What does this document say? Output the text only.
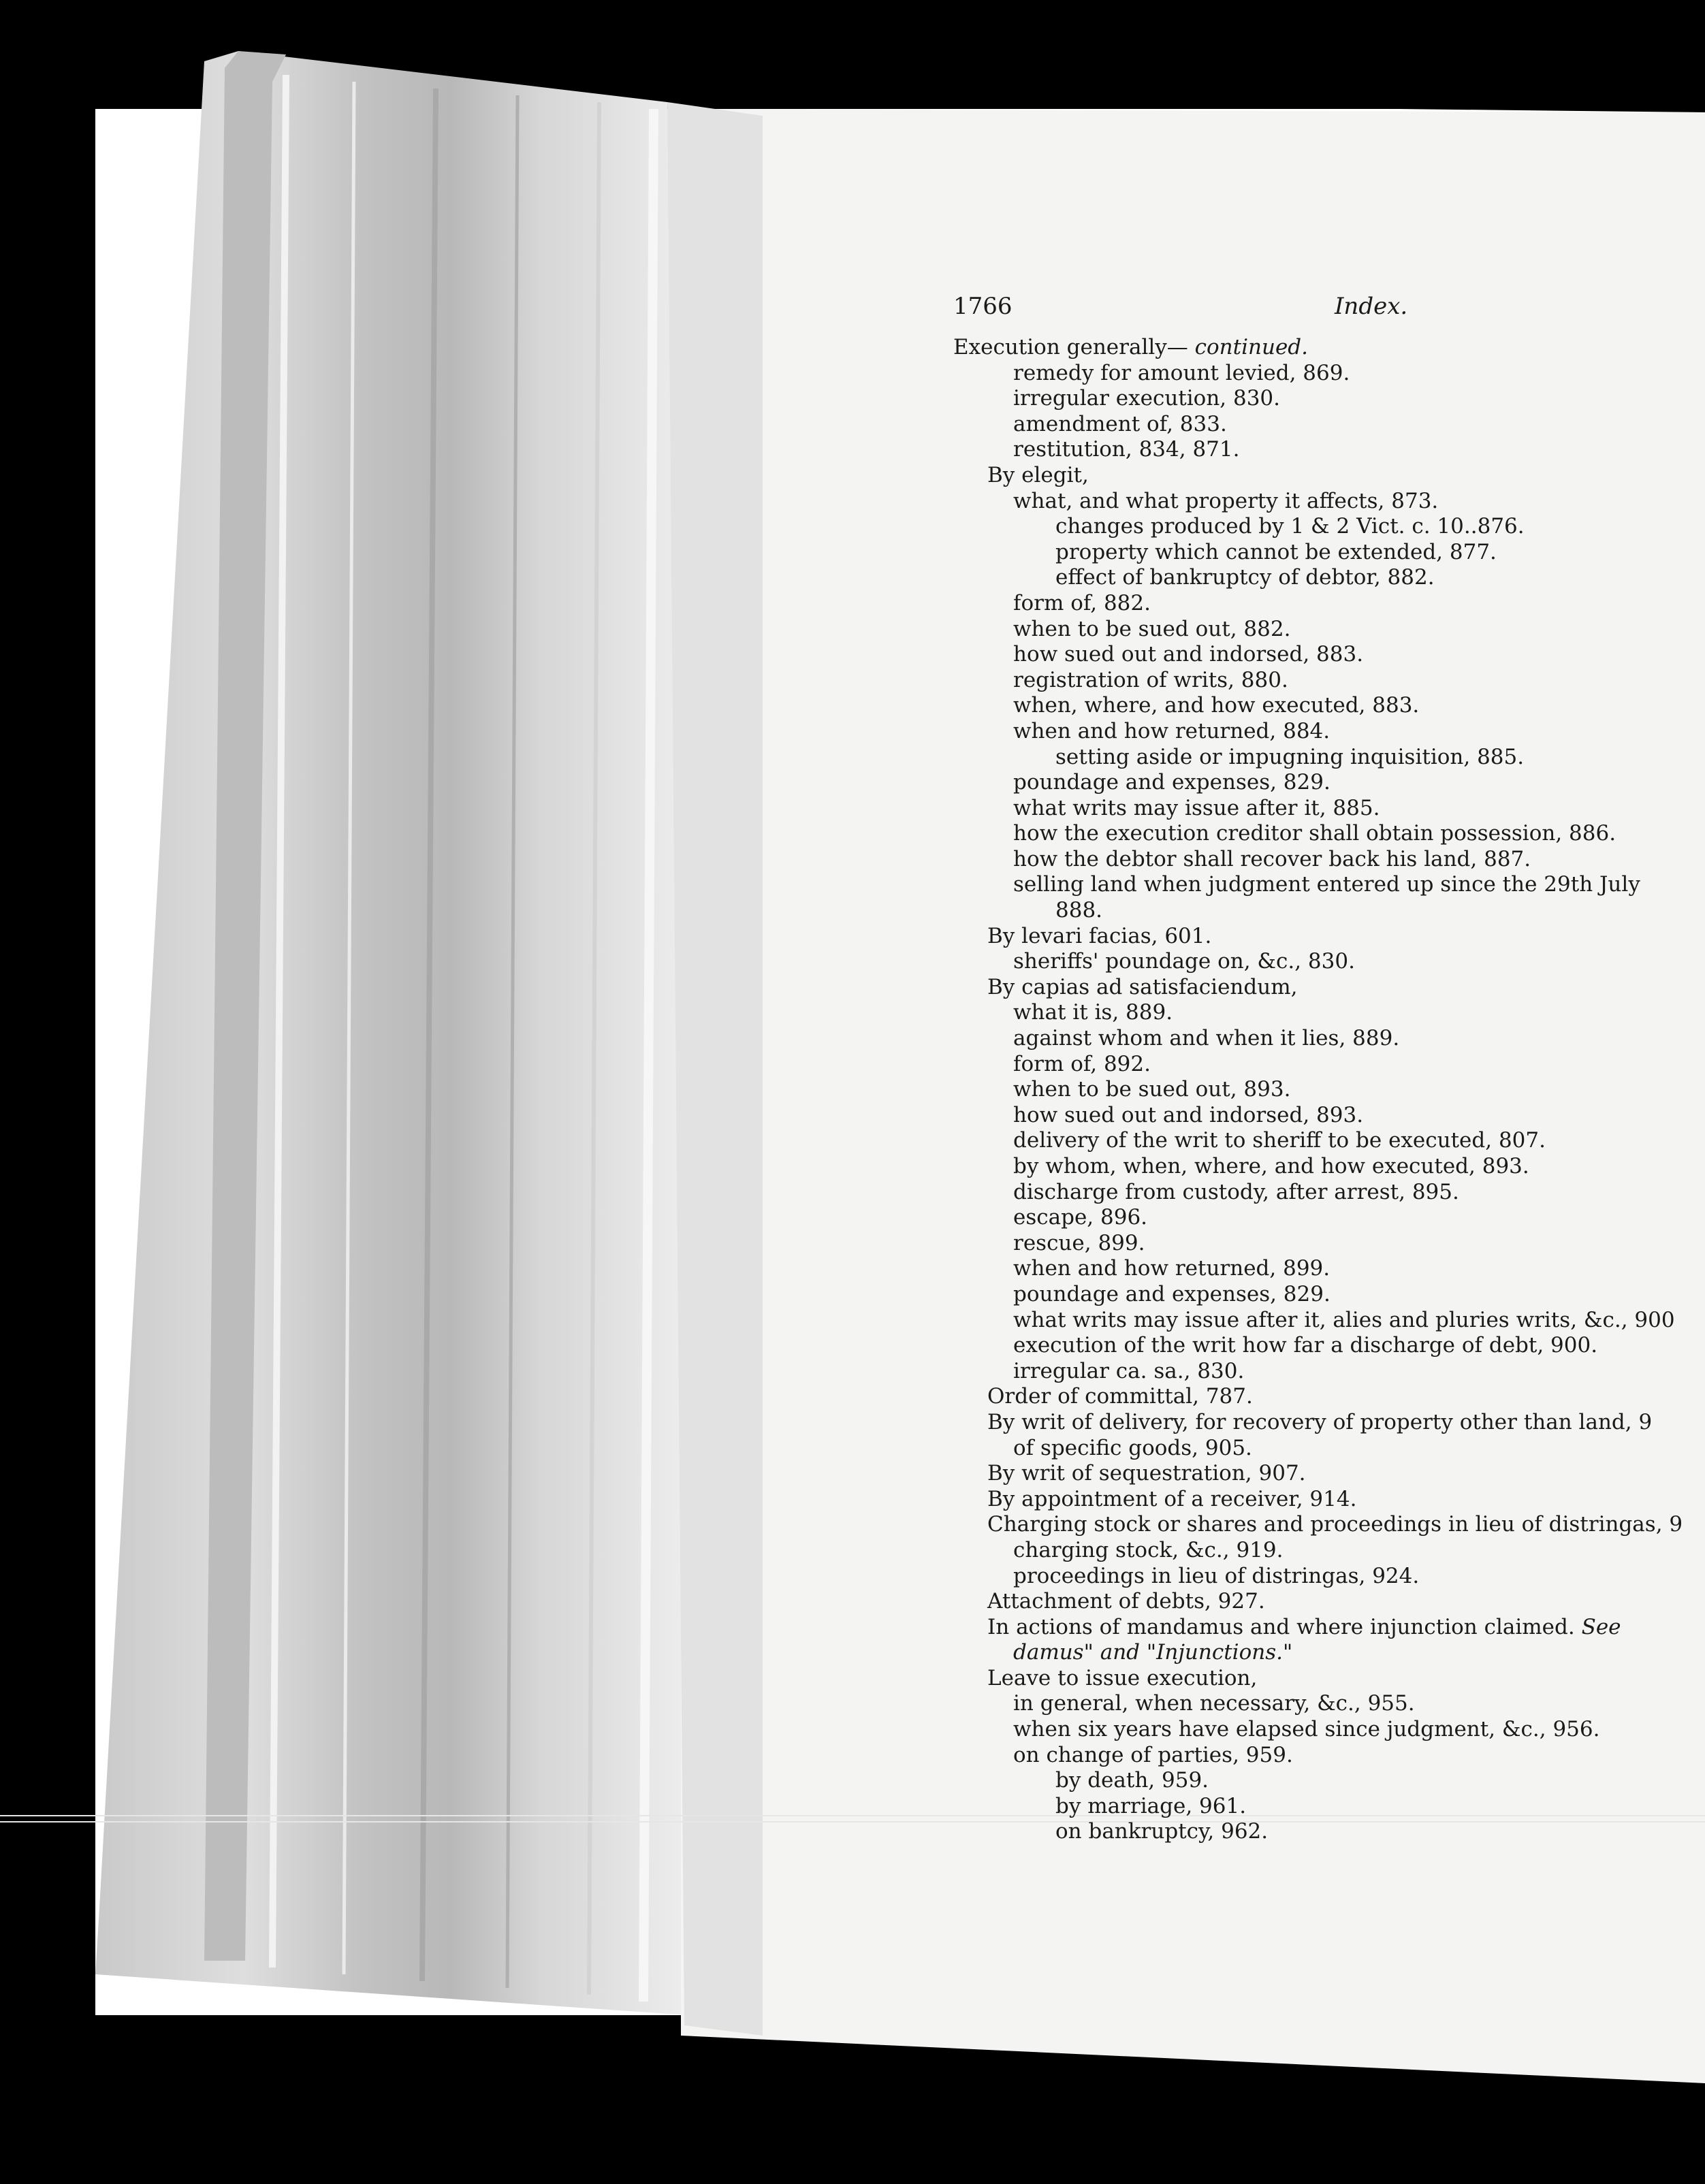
1766	Index.

Execution generally— continued.

remedy for amount levied, 869.

irregular execution, 830.

amendment of, 833.

restitution, 834, 871.

By elegit,

what, and what property it affects, 873.

changes produced by 1 & 2 Vict. c. 10..876.

property which cannot be extended, 877.

effect of bankruptcy of debtor, 882.

form of, 882.

when to be sued out, 882.

how sued out and indorsed, 883.

registration of writs, 880.

when, where, and how executed, 883.

when and how returned, 884.

setting aside or impugning inquisition, 885.

poundage and expenses, 829.

what writs may issue after it, 885.

how the execution creditor shall obtain possession, 886.

how the debtor shall recover back his land, 887.

selling land when judgment entered up since the 29th July

888.

By levari facias, 601.

sheriffs' poundage on, &c., 830.

By capias ad satisfaciendum,

what it is, 889.

against whom and when it lies, 889.

form of, 892.

when to be sued out, 893.

how sued out and indorsed, 893.

delivery of the writ to sheriff to be executed, 807.

by whom, when, where, and how executed, 893.

discharge from custody, after arrest, 895.

escape, 896.

rescue, 899.

when and how returned, 899.

poundage and expenses, 829.

what writs may issue after it, alies and pluries writs, &c., 900

execution of the writ how far a discharge of debt, 900.

irregular ca. sa., 830.

Order of committal, 787.

By writ of delivery, for recovery of property other than land, 9

of specific goods, 905.

By writ of sequestration, 907.

By appointment of a receiver, 914.

Charging stock or shares and proceedings in lieu of distringas, 9

charging stock, &c., 919.

proceedings in lieu of distringas, 924.

Attachment of debts, 927.

In actions of mandamus and where injunction claimed. See

damus" and "Injunctions."

Leave to issue execution,

in general, when necessary, &c., 955.

when six years have elapsed since judgment, &c., 956.

on change of parties, 959.

by death, 959.

by marriage, 961.

on bankruptcy, 962.
